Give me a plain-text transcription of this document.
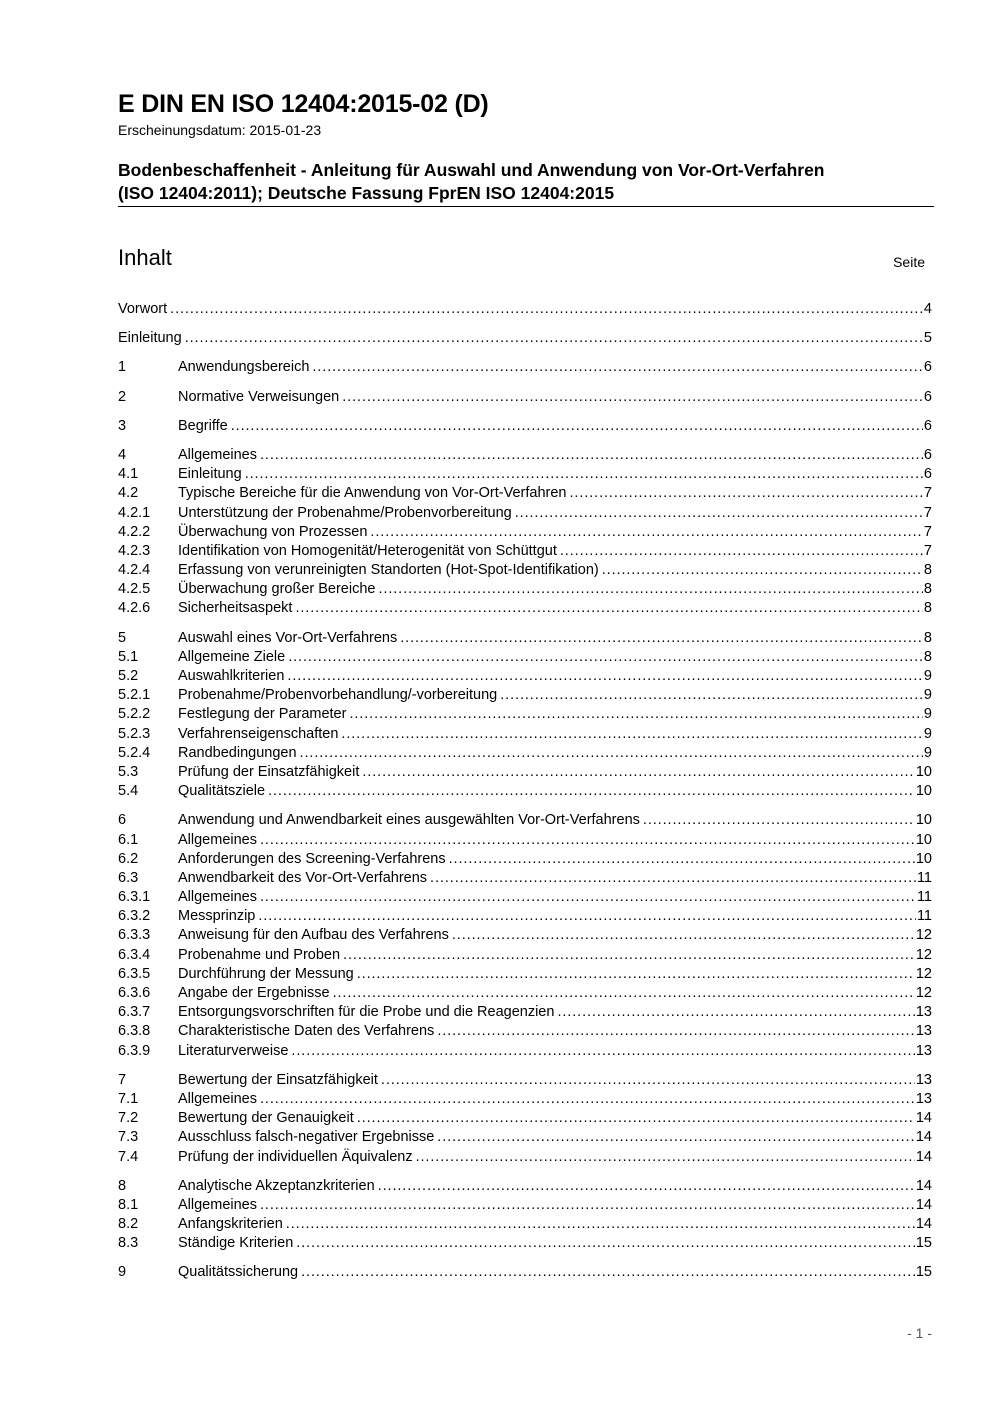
E DIN EN ISO 12404:2015-02 (D)
Erscheinungsdatum: 2015-01-23
Bodenbeschaffenheit - Anleitung für Auswahl und Anwendung von Vor-Ort-Verfahren
(ISO 12404:2011); Deutsche Fassung FprEN ISO 12404:2015
Inhalt	Seite
Vorwort .....	4
Einleitung .....	5
1	Anwendungsbereich .....	6
2	Normative Verweisungen .....	6
3	Begriffe .....	6
4	Allgemeines .....	6
4.1	Einleitung .....	6
4.2	Typische Bereiche für die Anwendung von Vor-Ort-Verfahren .....	7
4.2.1	Unterstützung der Probenahme/Probenvorbereitung .....	7
4.2.2	Überwachung von Prozessen .....	7
4.2.3	Identifikation von Homogenität/Heterogenität von Schüttgut .....	7
4.2.4	Erfassung von verunreinigten Standorten (Hot-Spot-Identifikation) .....	8
4.2.5	Überwachung großer Bereiche .....	8
4.2.6	Sicherheitsaspekt .....	8
5	Auswahl eines Vor-Ort-Verfahrens .....	8
5.1	Allgemeine Ziele .....	8
5.2	Auswahlkriterien .....	9
5.2.1	Probenahme/Probenvorbehandlung/-vorbereitung .....	9
5.2.2	Festlegung der Parameter .....	9
5.2.3	Verfahrenseigenschaften .....	9
5.2.4	Randbedingungen .....	9
5.3	Prüfung der Einsatzfähigkeit .....	10
5.4	Qualitätsziele .....	10
6	Anwendung und Anwendbarkeit eines ausgewählten Vor-Ort-Verfahrens .....	10
6.1	Allgemeines .....	10
6.2	Anforderungen des Screening-Verfahrens .....	10
6.3	Anwendbarkeit des Vor-Ort-Verfahrens .....	11
6.3.1	Allgemeines .....	11
6.3.2	Messprinzip .....	11
6.3.3	Anweisung für den Aufbau des Verfahrens .....	12
6.3.4	Probenahme und Proben .....	12
6.3.5	Durchführung der Messung .....	12
6.3.6	Angabe der Ergebnisse .....	12
6.3.7	Entsorgungsvorschriften für die Probe und die Reagenzien .....	13
6.3.8	Charakteristische Daten des Verfahrens .....	13
6.3.9	Literaturverweise .....	13
7	Bewertung der Einsatzfähigkeit .....	13
7.1	Allgemeines .....	13
7.2	Bewertung der Genauigkeit .....	14
7.3	Ausschluss falsch-negativer Ergebnisse .....	14
7.4	Prüfung der individuellen Äquivalenz .....	14
8	Analytische Akzeptanzkriterien .....	14
8.1	Allgemeines .....	14
8.2	Anfangskriterien .....	14
8.3	Ständige Kriterien .....	15
9	Qualitätssicherung .....	15
- 1 -
